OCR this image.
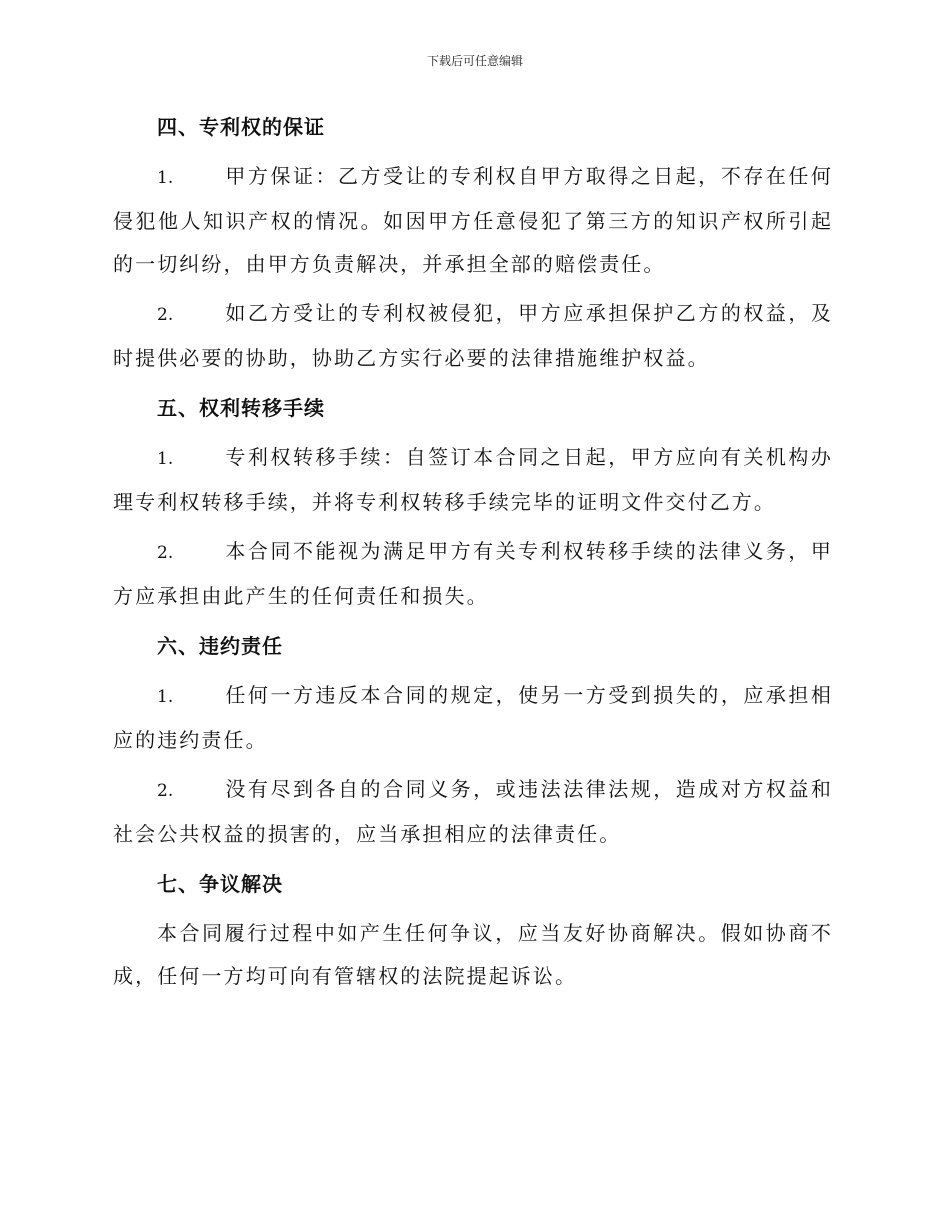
下载后可任意编辑
四、专利权的保证

1.	甲方保证：乙方受让的专利权自甲方取得之日起，不存在任何侵犯他人知识产权的情况。如因甲方任意侵犯了第三方的知识产权所引起的一切纠纷，由甲方负责解决，并承担全部的赔偿责任。

2.	如乙方受让的专利权被侵犯，甲方应承担保护乙方的权益，及时提供必要的协助，协助乙方实行必要的法律措施维护权益。

五、权利转移手续

1.	专利权转移手续：自签订本合同之日起，甲方应向有关机构办理专利权转移手续，并将专利权转移手续完毕的证明文件交付乙方。

2.	本合同不能视为满足甲方有关专利权转移手续的法律义务，甲方应承担由此产生的任何责任和损失。

六、违约责任

1.	任何一方违反本合同的规定，使另一方受到损失的，应承担相应的违约责任。

2.	没有尽到各自的合同义务，或违法法律法规，造成对方权益和社会公共权益的损害的，应当承担相应的法律责任。

七、争议解决

本合同履行过程中如产生任何争议，应当友好协商解决。假如协商不成，任何一方均可向有管辖权的法院提起诉讼。
